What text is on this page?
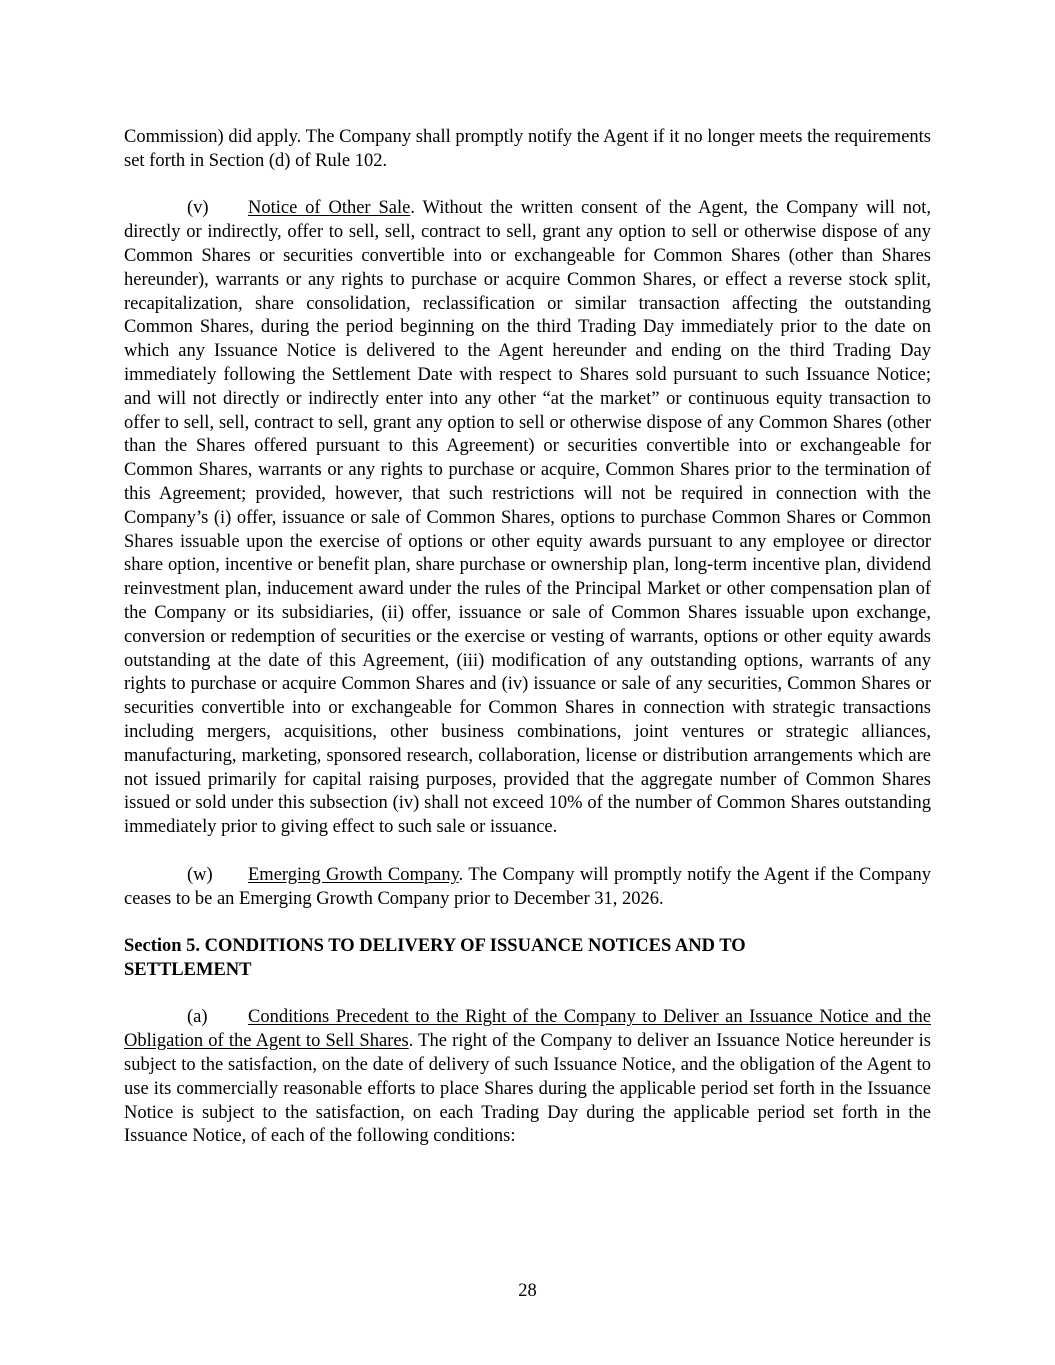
Commission) did apply. The Company shall promptly notify the Agent if it no longer meets the requirements set forth in Section (d) of Rule 102.

(v) Notice of Other Sale. Without the written consent of the Agent, the Company will not, directly or indirectly, offer to sell, sell, contract to sell, grant any option to sell or otherwise dispose of any Common Shares or securities convertible into or exchangeable for Common Shares (other than Shares hereunder), warrants or any rights to purchase or acquire Common Shares, or effect a reverse stock split, recapitalization, share consolidation, reclassification or similar transaction affecting the outstanding Common Shares, during the period beginning on the third Trading Day immediately prior to the date on which any Issuance Notice is delivered to the Agent hereunder and ending on the third Trading Day immediately following the Settlement Date with respect to Shares sold pursuant to such Issuance Notice; and will not directly or indirectly enter into any other “at the market” or continuous equity transaction to offer to sell, sell, contract to sell, grant any option to sell or otherwise dispose of any Common Shares (other than the Shares offered pursuant to this Agreement) or securities convertible into or exchangeable for Common Shares, warrants or any rights to purchase or acquire, Common Shares prior to the termination of this Agreement; provided, however, that such restrictions will not be required in connection with the Company’s (i) offer, issuance or sale of Common Shares, options to purchase Common Shares or Common Shares issuable upon the exercise of options or other equity awards pursuant to any employee or director share option, incentive or benefit plan, share purchase or ownership plan, long-term incentive plan, dividend reinvestment plan, inducement award under the rules of the Principal Market or other compensation plan of the Company or its subsidiaries, (ii) offer, issuance or sale of Common Shares issuable upon exchange, conversion or redemption of securities or the exercise or vesting of warrants, options or other equity awards outstanding at the date of this Agreement, (iii) modification of any outstanding options, warrants of any rights to purchase or acquire Common Shares and (iv) issuance or sale of any securities, Common Shares or securities convertible into or exchangeable for Common Shares in connection with strategic transactions including mergers, acquisitions, other business combinations, joint ventures or strategic alliances, manufacturing, marketing, sponsored research, collaboration, license or distribution arrangements which are not issued primarily for capital raising purposes, provided that the aggregate number of Common Shares issued or sold under this subsection (iv) shall not exceed 10% of the number of Common Shares outstanding immediately prior to giving effect to such sale or issuance.

(w) Emerging Growth Company. The Company will promptly notify the Agent if the Company ceases to be an Emerging Growth Company prior to December 31, 2026.

Section 5. CONDITIONS TO DELIVERY OF ISSUANCE NOTICES AND TO
SETTLEMENT

(a) Conditions Precedent to the Right of the Company to Deliver an Issuance Notice and the Obligation of the Agent to Sell Shares. The right of the Company to deliver an Issuance Notice hereunder is subject to the satisfaction, on the date of delivery of such Issuance Notice, and the obligation of the Agent to use its commercially reasonable efforts to place Shares during the applicable period set forth in the Issuance Notice is subject to the satisfaction, on each Trading Day during the applicable period set forth in the Issuance Notice, of each of the following conditions:

28
